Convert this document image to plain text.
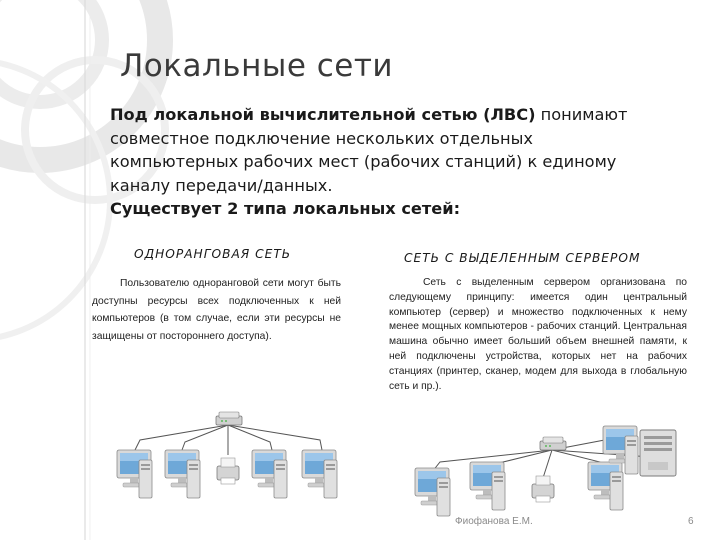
Локальные сети
Под локальной вычислительной сетью (ЛВС) понимают
совместное подключение нескольких отдельных
компьютерных рабочих мест (рабочих станций) к единому
каналу передачи/данных.
Существует 2 типа локальных сетей:
ОДНОРАНГОВАЯ СЕТЬ	СЕТЬ С ВЫДЕЛЕННЫМ СЕРВЕРОМ
Пользователю одноранговой сети могут быть доступны ресурсы всех подключенных к ней компьютеров (в том случае, если эти ресурсы не защищены от постороннего доступа).
Сеть с выделенным сервером организована по следующему принципу: имеется один центральный компьютер (сервер) и множество подключенных к нему менее мощных компьютеров - рабочих станций. Центральная машина обычно имеет больший объем внешней памяти, к ней подключены устройства, которых нет на рабочих станциях (принтер, сканер, модем для выхода в глобальную сеть и пр.).
Фиофанова Е.М.	6
